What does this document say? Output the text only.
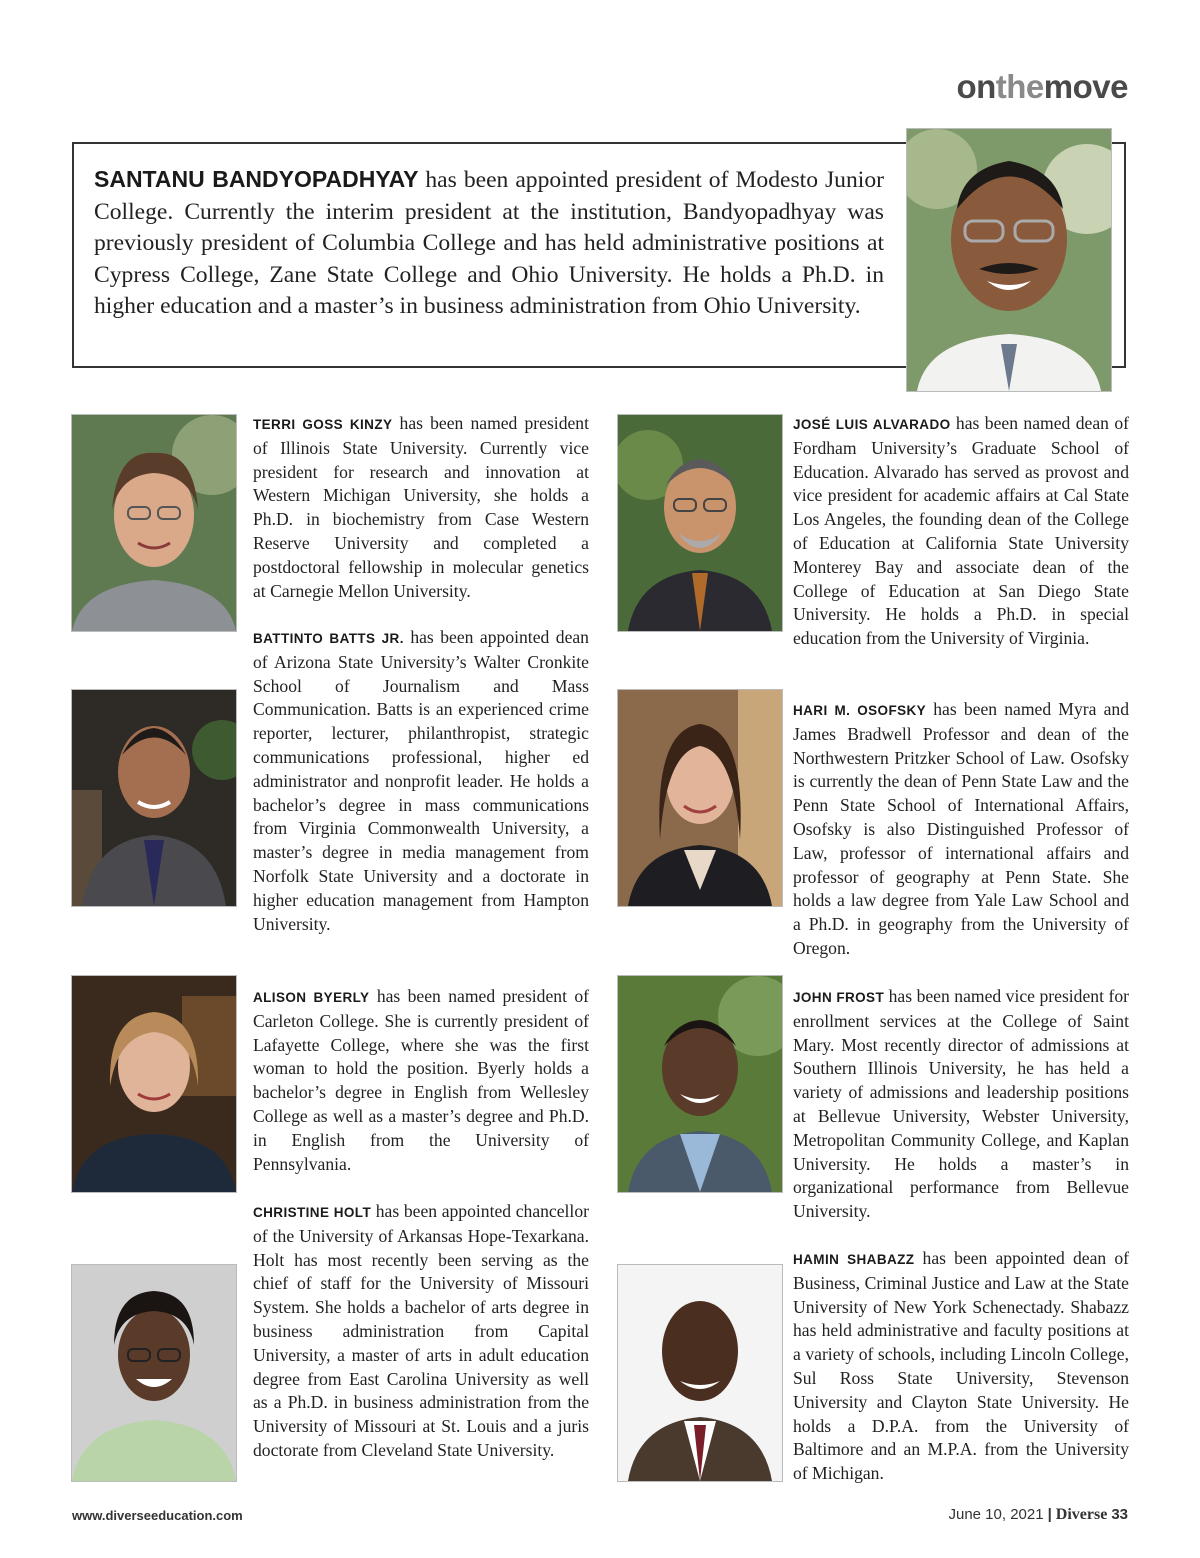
onthemove
SANTANU BANDYOPADHYAY has been appointed president of Modesto Junior College. Currently the interim president at the institution, Bandyopadhyay was previously president of Columbia College and has held administrative positions at Cypress College, Zane State College and Ohio University. He holds a Ph.D. in higher education and a master’s in business administration from Ohio University.
TERRI GOSS KINZY has been named president of Illinois State University. Currently vice president for research and innovation at Western Michigan University, she holds a Ph.D. in biochemistry from Case Western Reserve University and completed a postdoctoral fellowship in molecular genetics at Carnegie Mellon University.
BATTINTO BATTS JR. has been appointed dean of Arizona State University’s Walter Cronkite School of Journalism and Mass Communication. Batts is an experienced crime reporter, lecturer, philanthropist, strategic communications professional, higher ed administrator and nonprofit leader. He holds a bachelor’s degree in mass communications from Virginia Commonwealth University, a master’s degree in media management from Norfolk State University and a doctorate in higher education management from Hampton University.
ALISON BYERLY has been named president of Carleton College. She is currently president of Lafayette College, where she was the first woman to hold the position. Byerly holds a bachelor’s degree in English from Wellesley College as well as a master’s degree and Ph.D. in English from the University of Pennsylvania.
CHRISTINE HOLT has been appointed chancellor of the University of Arkansas Hope-Texarkana. Holt has most recently been serving as the chief of staff for the University of Missouri System. She holds a bachelor of arts degree in business administration from Capital University, a master of arts in adult education degree from East Carolina University as well as a Ph.D. in business administration from the University of Missouri at St. Louis and a juris doctorate from Cleveland State University.
JOSÉ LUIS ALVARADO has been named dean of Fordham University’s Graduate School of Education. Alvarado has served as provost and vice president for academic affairs at Cal State Los Angeles, the founding dean of the College of Education at California State University Monterey Bay and associate dean of the College of Education at San Diego State University. He holds a Ph.D. in special education from the University of Virginia.
HARI M. OSOFSKY has been named Myra and James Bradwell Professor and dean of the Northwestern Pritzker School of Law. Osofsky is currently the dean of Penn State Law and the Penn State School of International Affairs, Osofsky is also Distinguished Professor of Law, professor of international affairs and professor of geography at Penn State. She holds a law degree from Yale Law School and a Ph.D. in geography from the University of Oregon.
JOHN FROST has been named vice president for enrollment services at the College of Saint Mary. Most recently director of admissions at Southern Illinois University, he has held a variety of admissions and leadership positions at Bellevue University, Webster University, Metropolitan Community College, and Kaplan University. He holds a master’s in organizational performance from Bellevue University.
HAMIN SHABAZZ has been appointed dean of Business, Criminal Justice and Law at the State University of New York Schenectady. Shabazz has held administrative and faculty positions at a variety of schools, including Lincoln College, Sul Ross State University, Stevenson University and Clayton State University. He holds a D.P.A. from the University of Baltimore and an M.P.A. from the University of Michigan.
www.diverseeducation.com	June 10, 2021 | Diverse 33
